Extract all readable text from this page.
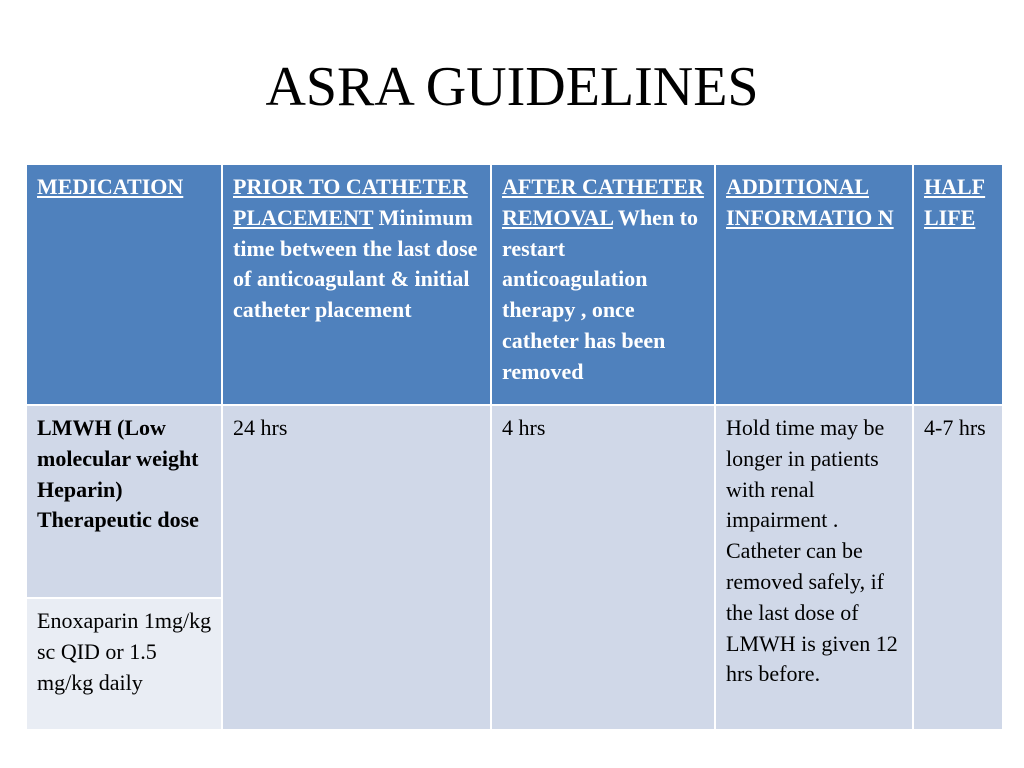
ASRA GUIDELINES
MEDICATION	PRIOR TO CATHETER PLACEMENT Minimum time between the last dose of anticoagulant & initial catheter placement	AFTER CATHETER REMOVAL When to restart anticoagulation therapy , once catheter has been removed	ADDITIONAL INFORMATIO N	HALF LIFE
LMWH (Low molecular weight Heparin) Therapeutic dose	24 hrs	4 hrs	Hold time may be longer in patients with renal impairment . Catheter can be removed safely, if the last dose of LMWH is given 12 hrs before.	4-7 hrs
Enoxaparin 1mg/kg sc QID or 1.5 mg/kg daily				
